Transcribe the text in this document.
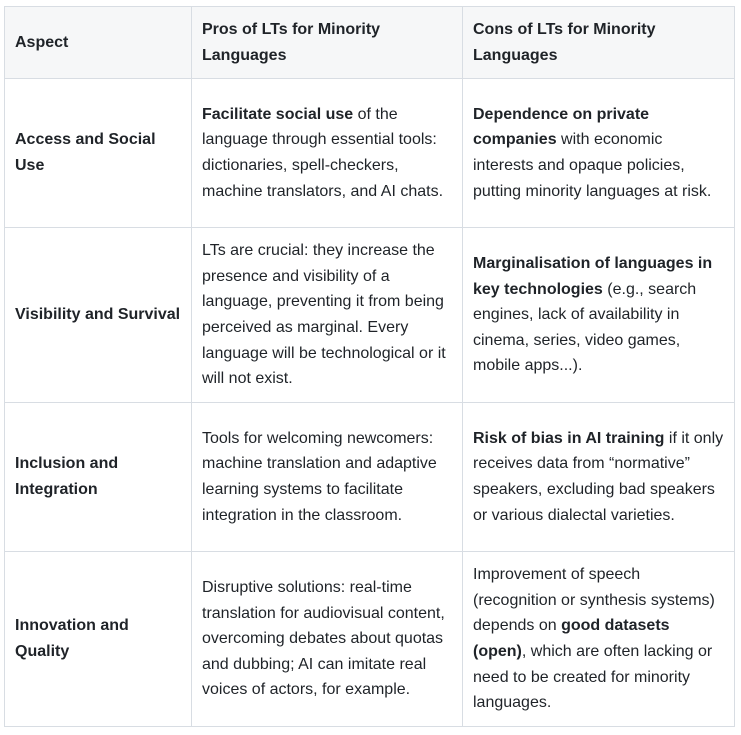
Aspect	Pros of LTs for Minority Languages	Cons of LTs for Minority Languages
Access and Social Use	Facilitate social use of the language through essential tools: dictionaries, spell-checkers, machine translators, and AI chats.	Dependence on private companies with economic interests and opaque policies, putting minority languages at risk.
Visibility and Survival	LTs are crucial: they increase the presence and visibility of a language, preventing it from being perceived as marginal. Every language will be technological or it will not exist.	Marginalisation of languages in key technologies (e.g., search engines, lack of availability in cinema, series, video games, mobile apps...).
Inclusion and Integration	Tools for welcoming newcomers: machine translation and adaptive learning systems to facilitate integration in the classroom.	Risk of bias in AI training if it only receives data from “normative” speakers, excluding bad speakers or various dialectal varieties.
Innovation and Quality	Disruptive solutions: real-time translation for audiovisual content, overcoming debates about quotas and dubbing; AI can imitate real voices of actors, for example.	Improvement of speech (recognition or synthesis systems) depends on good datasets (open), which are often lacking or need to be created for minority languages.
